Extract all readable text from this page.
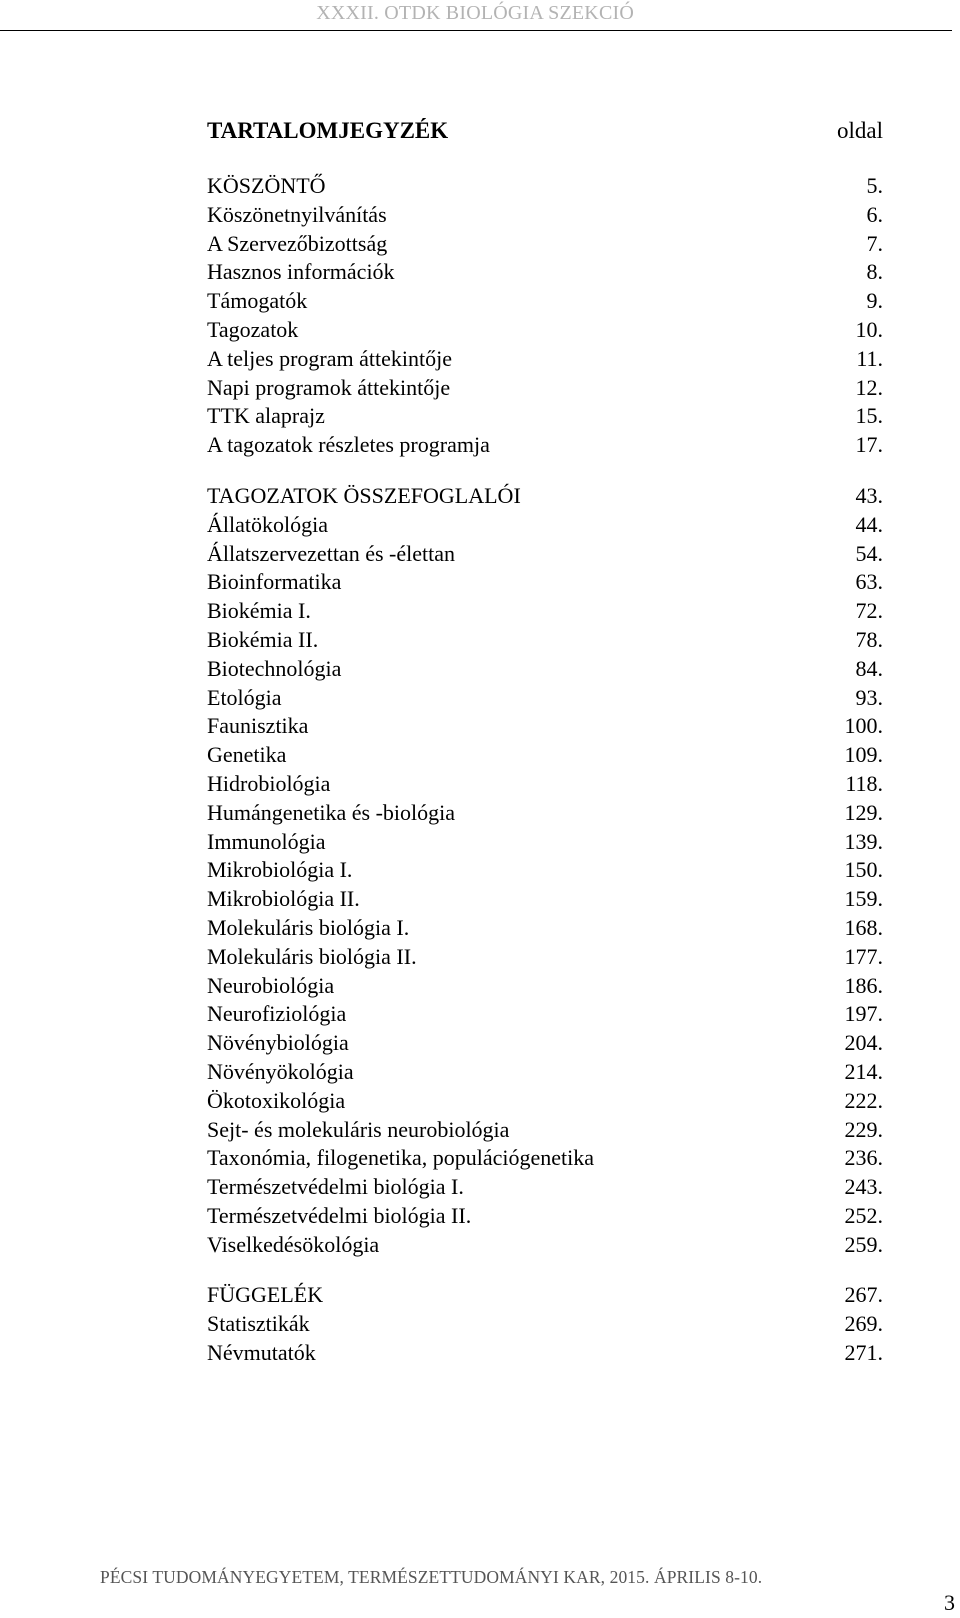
XXXII. OTDK BIOLÓGIA SZEKCIÓ
TARTALOMJEGYZÉK	oldal
KÖSZÖNTŐ	5.
Köszönetnyilvánítás	6.
A Szervezőbizottság	7.
Hasznos információk	8.
Támogatók	9.
Tagozatok	10.
A teljes program áttekintője	11.
Napi programok áttekintője	12.
TTK alaprajz	15.
A tagozatok részletes programja	17.
TAGOZATOK ÖSSZEFOGLALÓI	43.
Állatökológia	44.
Állatszervezettan és -élettan	54.
Bioinformatika	63.
Biokémia I.	72.
Biokémia II.	78.
Biotechnológia	84.
Etológia	93.
Faunisztika	100.
Genetika	109.
Hidrobiológia	118.
Humángenetika és -biológia	129.
Immunológia	139.
Mikrobiológia I.	150.
Mikrobiológia II.	159.
Molekuláris biológia I.	168.
Molekuláris biológia II.	177.
Neurobiológia	186.
Neurofiziológia	197.
Növénybiológia	204.
Növényökológia	214.
Ökotoxikológia	222.
Sejt- és molekuláris neurobiológia	229.
Taxonómia, filogenetika, populációgenetika	236.
Természetvédelmi biológia I.	243.
Természetvédelmi biológia II.	252.
Viselkedésökológia	259.
FÜGGELÉK	267.
Statisztikák	269.
Névmutatók	271.
PÉCSI TUDOMÁNYEGYETEM, TERMÉSZETTUDOMÁNYI KAR, 2015. ÁPRILIS 8-10.
3
